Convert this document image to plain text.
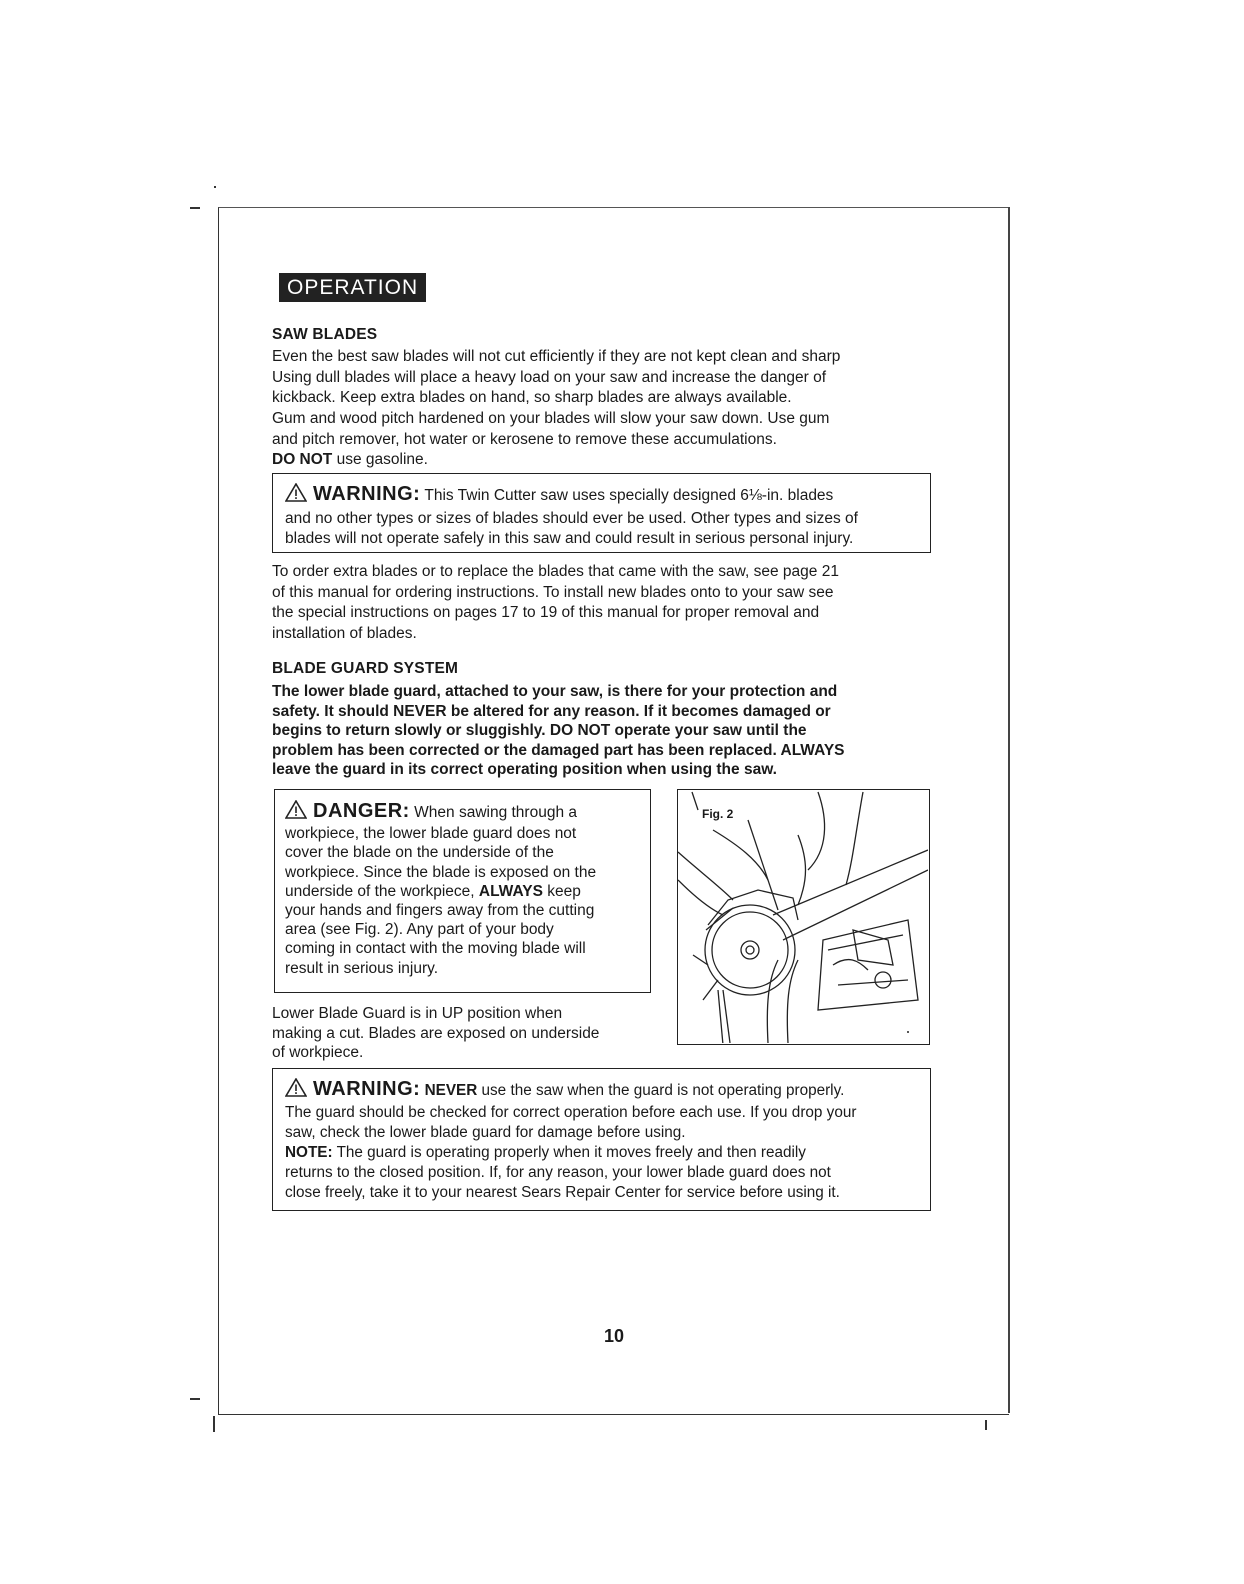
OPERATION
SAW BLADES
Even the best saw blades will not cut efficiently if they are not kept clean and sharp
Using dull blades will place a heavy load on your saw and increase the danger of
kickback. Keep extra blades on hand, so sharp blades are always available.
Gum and wood pitch hardened on your blades will slow your saw down. Use gum
and pitch remover, hot water or kerosene to remove these accumulations.
DO NOT use gasoline.
WARNING: This Twin Cutter saw uses specially designed 6⅛-in. blades
and no other types or sizes of blades should ever be used. Other types and sizes of
blades will not operate safely in this saw and could result in serious personal injury.
To order extra blades or to replace the blades that came with the saw, see page 21
of this manual for ordering instructions. To install new blades onto to your saw see
the special instructions on pages 17 to 19 of this manual for proper removal and
installation of blades.
BLADE GUARD SYSTEM
The lower blade guard, attached to your saw, is there for your protection and
safety. It should NEVER be altered for any reason. If it becomes damaged or
begins to return slowly or sluggishly. DO NOT operate your saw until the
problem has been corrected or the damaged part has been replaced. ALWAYS
leave the guard in its correct operating position when using the saw.
DANGER: When sawing through a
workpiece, the lower blade guard does not
cover the blade on the underside of the
workpiece. Since the blade is exposed on the
underside of the workpiece, ALWAYS keep
your hands and fingers away from the cutting
area (see Fig. 2). Any part of your body
coming in contact with the moving blade will
result in serious injury.
Lower Blade Guard is in UP position when
making a cut. Blades are exposed on underside
of workpiece.
Fig. 2
WARNING: NEVER use the saw when the guard is not operating properly.
The guard should be checked for correct operation before each use. If you drop your
saw, check the lower blade guard for damage before using.
NOTE: The guard is operating properly when it moves freely and then readily
returns to the closed position. If, for any reason, your lower blade guard does not
close freely, take it to your nearest Sears Repair Center for service before using it.
10
